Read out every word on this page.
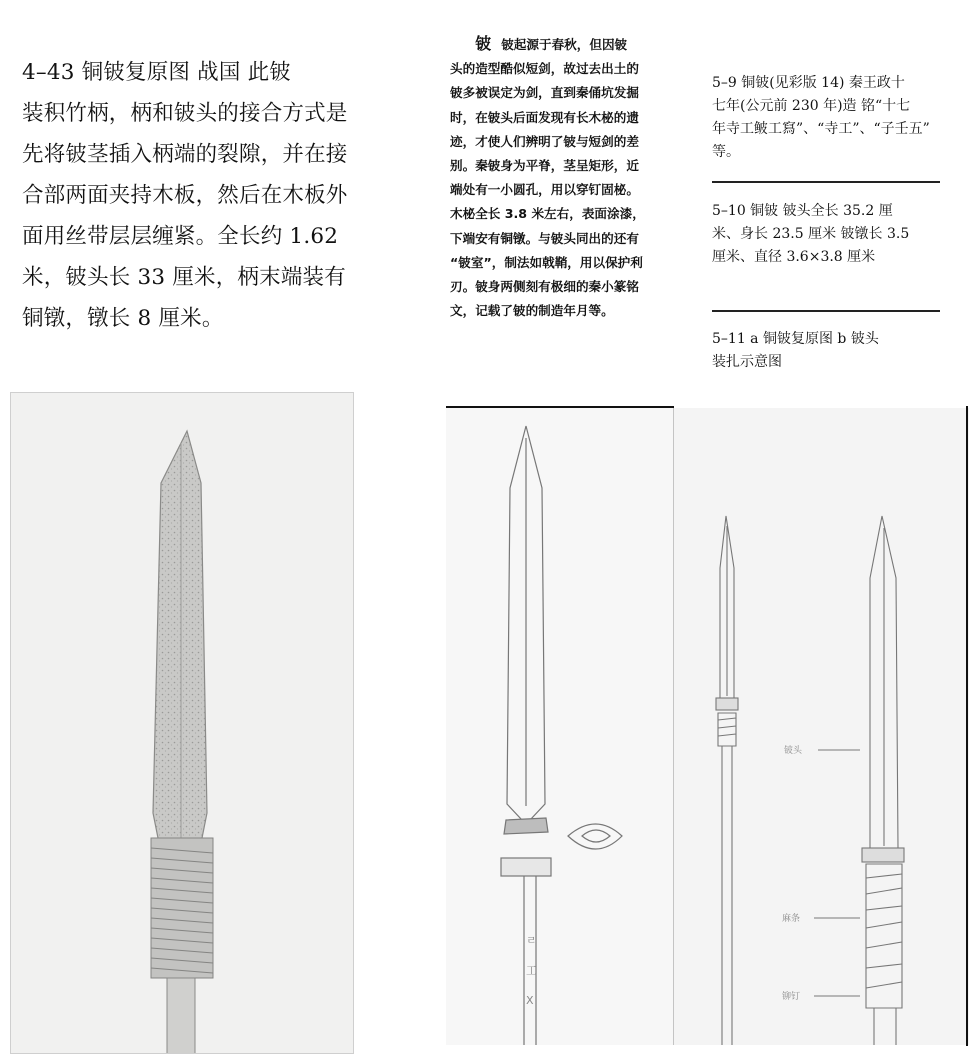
4–43 铜铍复原图 战国 此铍

装积竹柄，柄和铍头的接合方式是

先将铍茎插入柄端的裂隙，并在接

合部两面夹持木板，然后在木板外

面用丝带层层缠紧。全长约 1.62

米，铍头长 33 厘米，柄末端装有

铜镦，镦长 8 厘米。

铍 铍起源于春秋，但因铍

头的造型酷似短剑，故过去出土的

铍多被误定为剑，直到秦俑坑发掘

时，在铍头后面发现有长木柲的遗

迹，才使人们辨明了铍与短剑的差

别。秦铍身为平脊，茎呈矩形，近

端处有一小圆孔，用以穿钉固柲。

木柲全长 3.8 米左右，表面涂漆，

下端安有铜镦。与铍头同出的还有

“铍室”，制法如戟鞘，用以保护利

刃。铍身两侧刻有极细的秦小篆铭

文，记载了铍的制造年月等。

5–9 铜铍(见彩版 14) 秦王政十

七年(公元前 230 年)造 铭“十七

年寺工鲏工寫”、“寺工”、“子壬五”

等。

5–10 铜铍 铍头全长 35.2 厘

米、身长 23.5 厘米 铍镦长 3.5

厘米、直径 3.6×3.8 厘米

5–11 a 铜铍复原图 b 铍头

装扎示意图

ㄹ
工
Ⅹ
铍头
麻条
铆钉
